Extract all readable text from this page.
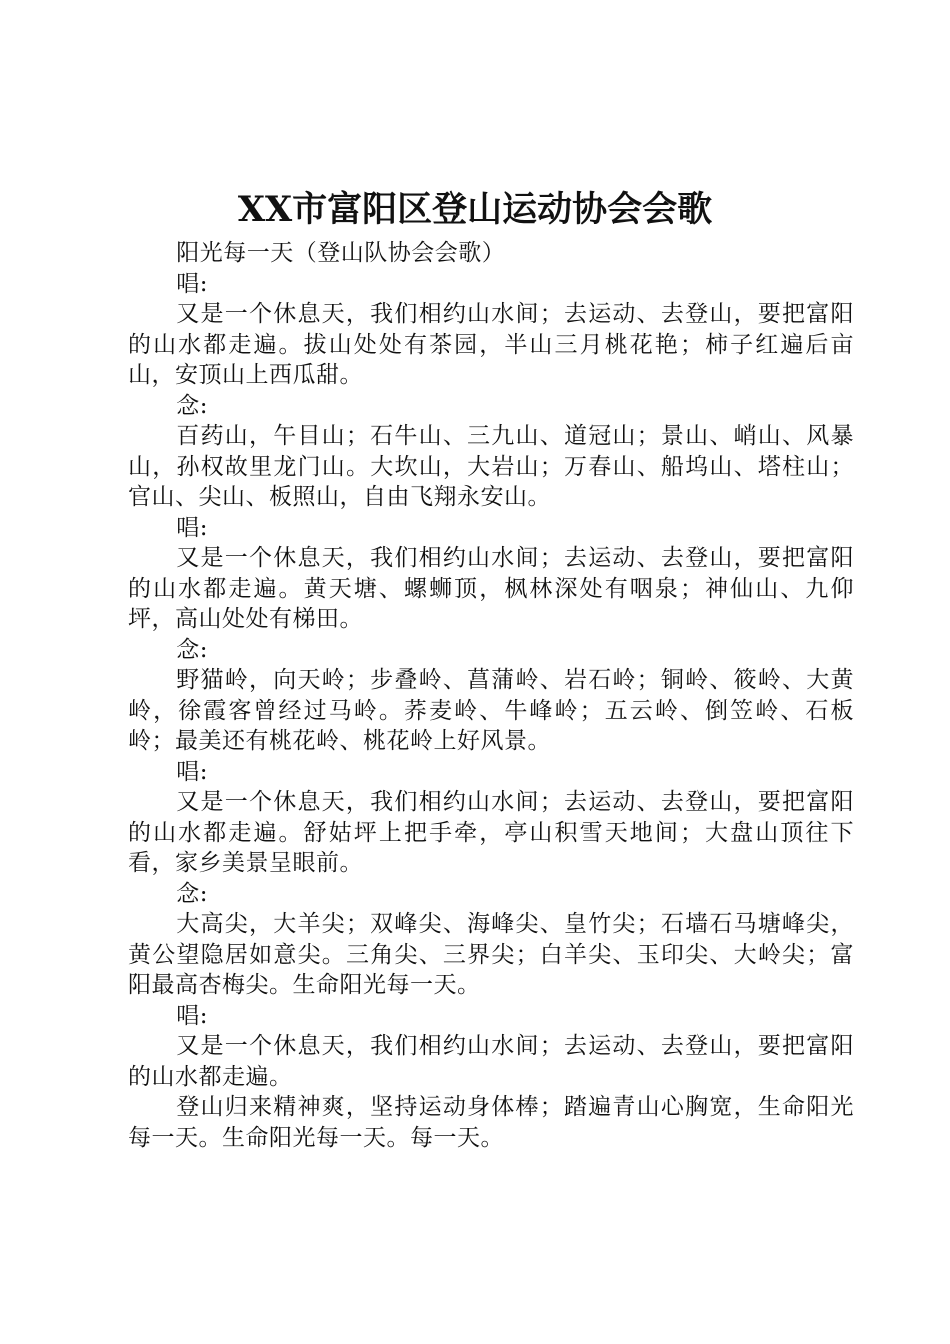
XX市富阳区登山运动协会会歌

阳光每一天（登山队协会会歌）

唱:

又是一个休息天，我们相约山水间；去运动、去登山，要把富阳的山水都走遍。拔山处处有茶园，半山三月桃花艳；柿子红遍后亩山，安顶山上西瓜甜。

念:

百药山，午目山；石牛山、三九山、道冠山；景山、峭山、风暴山，孙权故里龙门山。大坎山，大岩山；万春山、船坞山、塔柱山；官山、尖山、板照山，自由飞翔永安山。

唱:

又是一个休息天，我们相约山水间；去运动、去登山，要把富阳的山水都走遍。黄天塘、螺蛳顶，枫林深处有咽泉；神仙山、九仰坪，高山处处有梯田。

念:

野猫岭，向天岭；步叠岭、菖蒲岭、岩石岭；铜岭、筱岭、大黄岭，徐霞客曾经过马岭。荞麦岭、牛峰岭；五云岭、倒笠岭、石板岭；最美还有桃花岭、桃花岭上好风景。

唱:

又是一个休息天，我们相约山水间；去运动、去登山，要把富阳的山水都走遍。舒姑坪上把手牵，亭山积雪天地间；大盘山顶往下看，家乡美景呈眼前。

念:

大高尖，大羊尖；双峰尖、海峰尖、皇竹尖；石墙石马塘峰尖，黄公望隐居如意尖。三角尖、三界尖；白羊尖、玉印尖、大岭尖；富阳最高杏梅尖。生命阳光每一天。

唱:

又是一个休息天，我们相约山水间；去运动、去登山，要把富阳的山水都走遍。

登山归来精神爽，坚持运动身体棒；踏遍青山心胸宽，生命阳光每一天。生命阳光每一天。每一天。
